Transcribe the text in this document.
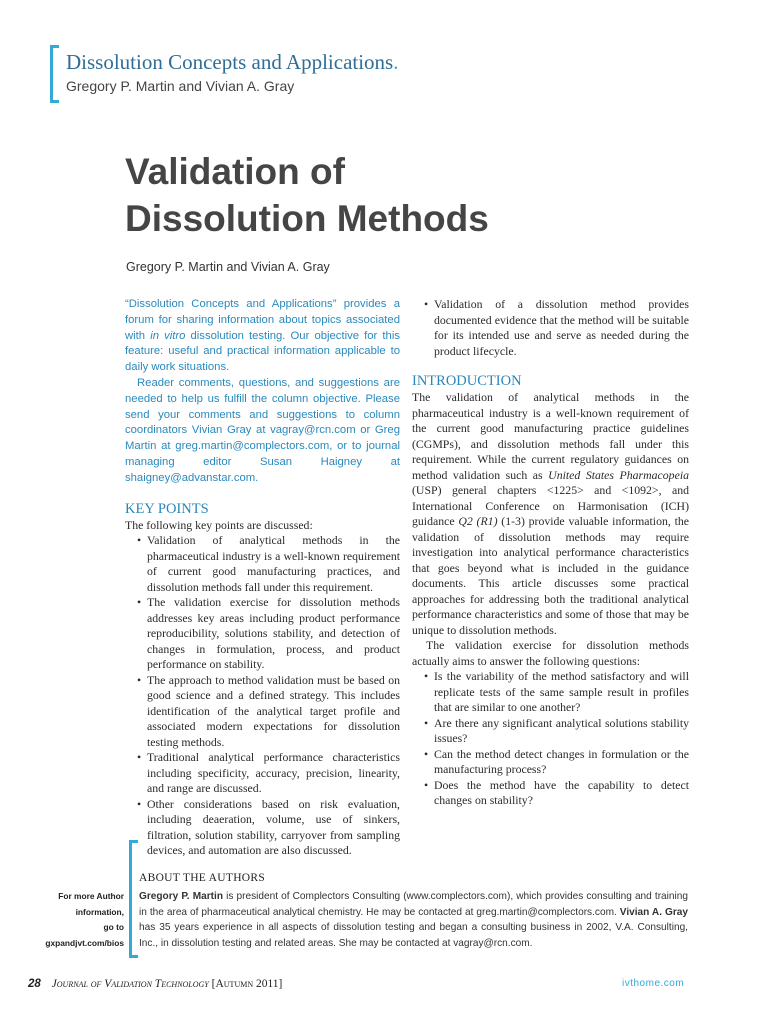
Dissolution Concepts and Applications.
Gregory P. Martin and Vivian A. Gray
Validation of
Dissolution Methods
Gregory P. Martin and Vivian A. Gray

“Dissolution Concepts and Applications” provides a forum for sharing information about topics associated with in vitro dissolution testing. Our objective for this feature: useful and practical information applicable to daily work situations.

Reader comments, questions, and suggestions are needed to help us fulfill the column objective. Please send your comments and suggestions to column coordinators Vivian Gray at vagray@rcn.com or Greg Martin at greg.martin@complectors.com, or to journal managing editor Susan Haigney at shaigney@advanstar.com.

KEY POINTS

The following key points are discussed:

• Validation of analytical methods in the pharmaceutical industry is a well-known requirement of current good manufacturing practices, and dissolution methods fall under this requirement.
• The validation exercise for dissolution methods addresses key areas including product performance reproducibility, solutions stability, and detection of changes in formulation, process, and product performance on stability.
• The approach to method validation must be based on good science and a defined strategy. This includes identification of the analytical target profile and associated modern expectations for dissolution testing methods.
• Traditional analytical performance characteristics including specificity, accuracy, precision, linearity, and range are discussed.
• Other considerations based on risk evaluation, including deaeration, volume, use of sinkers, filtration, solution stability, carryover from sampling devices, and automation are also discussed.
• Validation of a dissolution method provides documented evidence that the method will be suitable for its intended use and serve as needed during the product lifecycle.

INTRODUCTION

The validation of analytical methods in the pharmaceutical industry is a well-known requirement of the current good manufacturing practice guidelines (CGMPs), and dissolution methods fall under this requirement. While the current regulatory guidances on method validation such as United States Pharmacopeia (USP) general chapters <1225> and <1092>, and International Conference on Harmonisation (ICH) guidance Q2 (R1) (1-3) provide valuable information, the validation of dissolution methods may require investigation into analytical performance characteristics that goes beyond what is included in the guidance documents. This article discusses some practical approaches for addressing both the traditional analytical performance characteristics and some of those that may be unique to dissolution methods.

The validation exercise for dissolution methods actually aims to answer the following questions:

• Is the variability of the method satisfactory and will replicate tests of the same sample result in profiles that are similar to one another?
• Are there any significant analytical solutions stability issues?
• Can the method detect changes in formulation or the manufacturing process?
• Does the method have the capability to detect changes on stability?
ABOUT THE AUTHORS

Gregory P. Martin is president of Complectors Consulting (www.complectors.com), which provides consulting and training in the area of pharmaceutical analytical chemistry. He may be contacted at greg.martin@complectors.com. Vivian A. Gray has 35 years experience in all aspects of dissolution testing and began a consulting business in 2002, V.A. Consulting, Inc., in dissolution testing and related areas. She may be contacted at vagray@rcn.com.

For more Author
information,
go to
gxpandjvt.com/bios
28 Journal of Validation Technology [Autumn 2011]	ivthome.com
